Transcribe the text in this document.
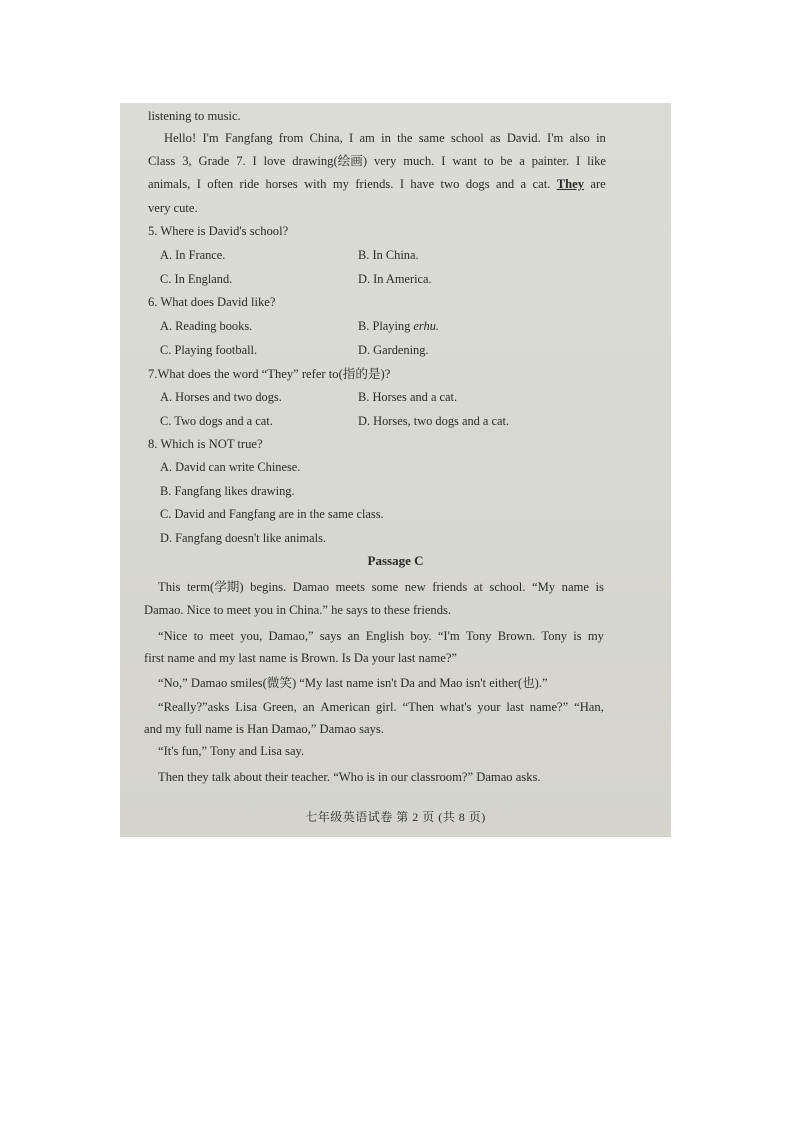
listening to music.
Hello! I'm Fangfang from China, I am in the same school as David. I'm also in
Class 3, Grade 7. I love drawing(绘画) very much. I want to be a painter. I like
animals, I often ride horses with my friends. I have two dogs and a cat. They are
very cute.
5. Where is David's school?
A. In France.	B. In China.
C. In England.	D. In America.
6. What does David like?
A. Reading books.	B. Playing erhu.
C. Playing football.	D. Gardening.
7.What does the word “They” refer to(指的是)?
A. Horses and two dogs.	B. Horses and a cat.
C. Two dogs and a cat.	D. Horses, two dogs and a cat.
8. Which is NOT true?
A. David can write Chinese.
B. Fangfang likes drawing.
C. David and Fangfang are in the same class.
D. Fangfang doesn't like animals.
Passage C
This term(学期) begins. Damao meets some new friends at school. “My name is
Damao. Nice to meet you in China.” he says to these friends.
“Nice to meet you, Damao,” says an English boy. “I'm Tony Brown. Tony is my
first name and my last name is Brown. Is Da your last name?”
“No,” Damao smiles(微笑) “My last name isn't Da and Mao isn't either(也).”
“Really?”asks Lisa Green, an American girl. “Then what's your last name?” “Han,
and my full name is Han Damao,” Damao says.
“It's fun,” Tony and Lisa say.
Then they talk about their teacher. “Who is in our classroom?” Damao asks.
七年级英语试卷 第 2 页 (共 8 页)
